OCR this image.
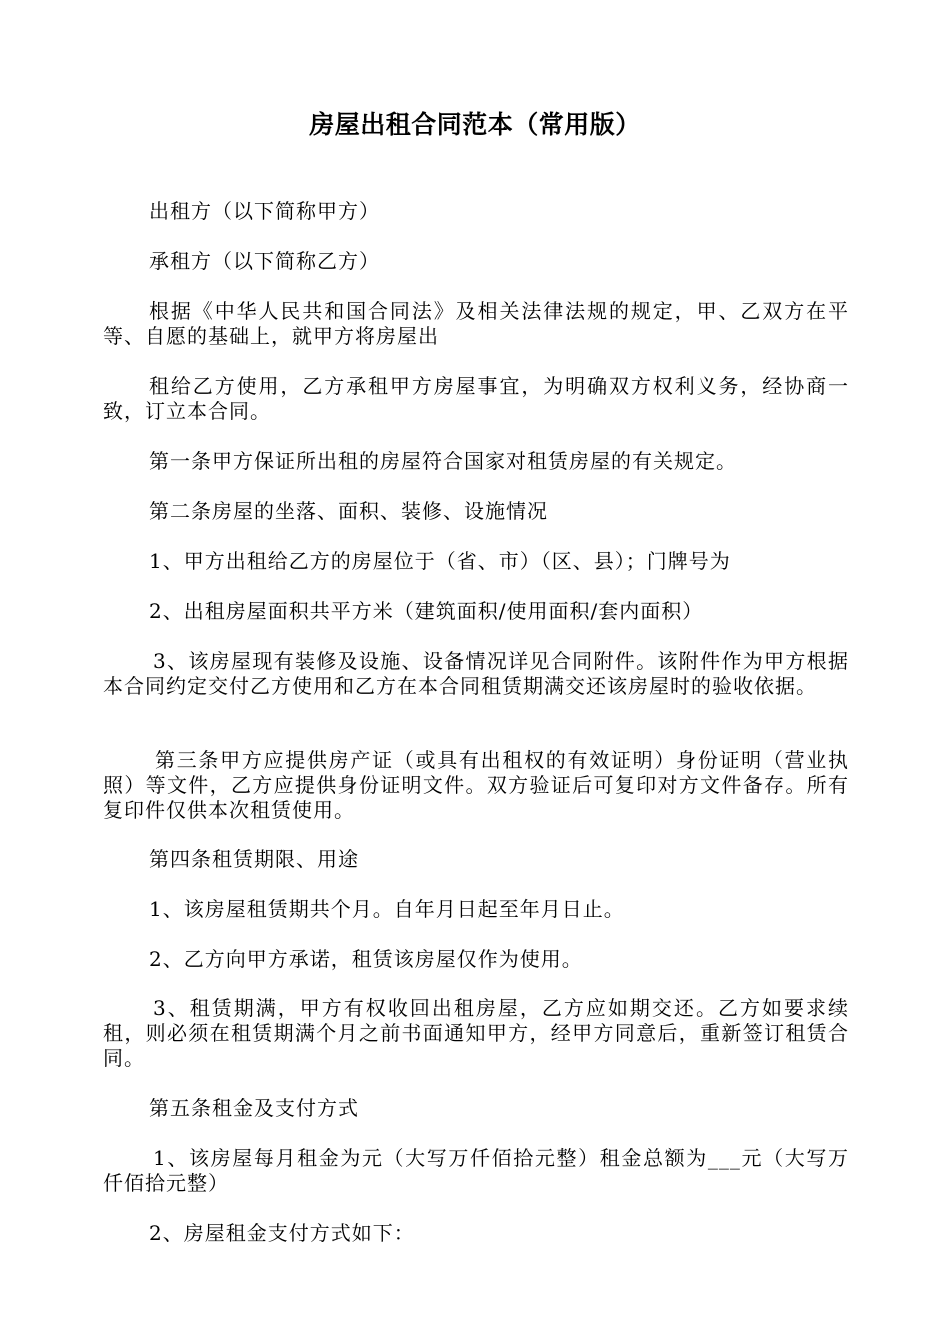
房屋出租合同范本（常用版）
出租方（以下简称甲方）
承租方（以下简称乙方）
根据《中华人民共和国合同法》及相关法律法规的规定，甲、乙双方在平等、自愿的基础上，就甲方将房屋出
租给乙方使用，乙方承租甲方房屋事宜，为明确双方权利义务，经协商一致，订立本合同。
第一条甲方保证所出租的房屋符合国家对租赁房屋的有关规定。
第二条房屋的坐落、面积、装修、设施情况
1、甲方出租给乙方的房屋位于（省、市）（区、县）；门牌号为
2、出租房屋面积共平方米（建筑面积/使用面积/套内面积）
3、该房屋现有装修及设施、设备情况详见合同附件。该附件作为甲方根据本合同约定交付乙方使用和乙方在本合同租赁期满交还该房屋时的验收依据。
第三条甲方应提供房产证（或具有出租权的有效证明）身份证明（营业执照）等文件，乙方应提供身份证明文件。双方验证后可复印对方文件备存。所有复印件仅供本次租赁使用。
第四条租赁期限、用途
1、该房屋租赁期共个月。自年月日起至年月日止。
2、乙方向甲方承诺，租赁该房屋仅作为使用。
3、租赁期满，甲方有权收回出租房屋，乙方应如期交还。乙方如要求续租，则必须在租赁期满个月之前书面通知甲方，经甲方同意后，重新签订租赁合同。
第五条租金及支付方式
1、该房屋每月租金为元（大写万仟佰拾元整）租金总额为___元（大写万仟佰拾元整）
2、房屋租金支付方式如下：
